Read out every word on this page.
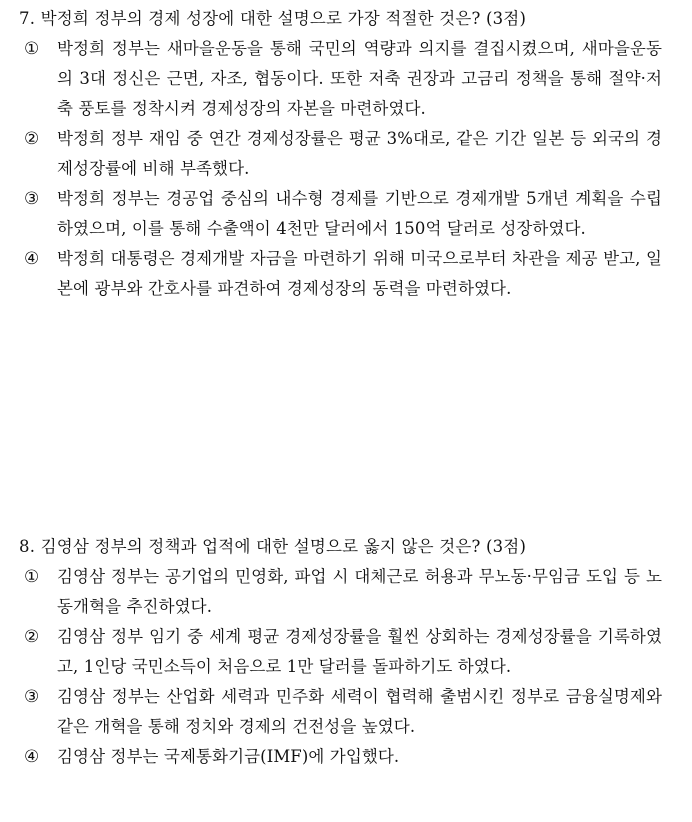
7. 박정희 정부의 경제 성장에 대한 설명으로 가장 적절한 것은? (3점)

①	박정희 정부는 새마을운동을 통해 국민의 역량과 의지를 결집시켰으며, 새마을운동의 3대 정신은 근면, 자조, 협동이다. 또한 저축 권장과 고금리 정책을 통해 절약·저축 풍토를 정착시켜 경제성장의 자본을 마련하였다.

②	박정희 정부 재임 중 연간 경제성장률은 평균 3%대로, 같은 기간 일본 등 외국의 경제성장률에 비해 부족했다.

③	박정희 정부는 경공업 중심의 내수형 경제를 기반으로 경제개발 5개년 계획을 수립하였으며, 이를 통해 수출액이 4천만 달러에서 150억 달러로 성장하였다.

④	박정희 대통령은 경제개발 자금을 마련하기 위해 미국으로부터 차관을 제공 받고, 일본에 광부와 간호사를 파견하여 경제성장의 동력을 마련하였다.

8. 김영삼 정부의 정책과 업적에 대한 설명으로 옳지 않은 것은? (3점)

①	김영삼 정부는 공기업의 민영화, 파업 시 대체근로 허용과 무노동·무임금 도입 등 노동개혁을 추진하였다.

②	김영삼 정부 임기 중 세계 평균 경제성장률을 훨씬 상회하는 경제성장률을 기록하였고, 1인당 국민소득이 처음으로 1만 달러를 돌파하기도 하였다.

③	김영삼 정부는 산업화 세력과 민주화 세력이 협력해 출범시킨 정부로 금융실명제와 같은 개혁을 통해 정치와 경제의 건전성을 높였다.

④	김영삼 정부는 국제통화기금(IMF)에 가입했다.
